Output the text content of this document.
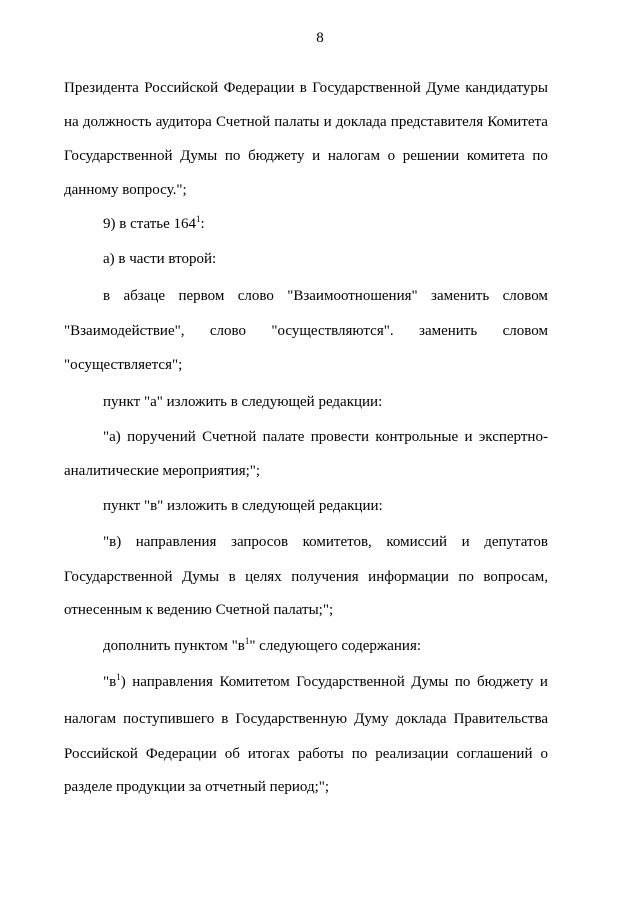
8
Президента Российской Федерации в Государственной Думе кандидатуры
на должность аудитора Счетной палаты и доклада представителя Комитета
Государственной Думы по бюджету и налогам о решении комитета по
данному вопросу.";
9) в статье $164^1$:
а) в части второй:
в абзаце первом слово "Взаимоотношения" заменить словом
"Взаимодействие", слово "осуществляются". заменить словом
"осуществляется";
пункт "а" изложить в следующей редакции:
"а) поручений Счетной палате провести контрольные и экспертно-
аналитические мероприятия;";
пункт "в" изложить в следующей редакции:
"в) направления запросов комитетов, комиссий и депутатов
Государственной Думы в целях получения информации по вопросам,
отнесенным к ведению Счетной палаты;";
дополнить пунктом "$в^1$" следующего содержания:
"$в^1$) направления Комитетом Государственной Думы по бюджету и
налогам поступившего в Государственную Думу доклада Правительства
Российской Федерации об итогах работы по реализации соглашений о
разделе продукции за отчетный период;";
